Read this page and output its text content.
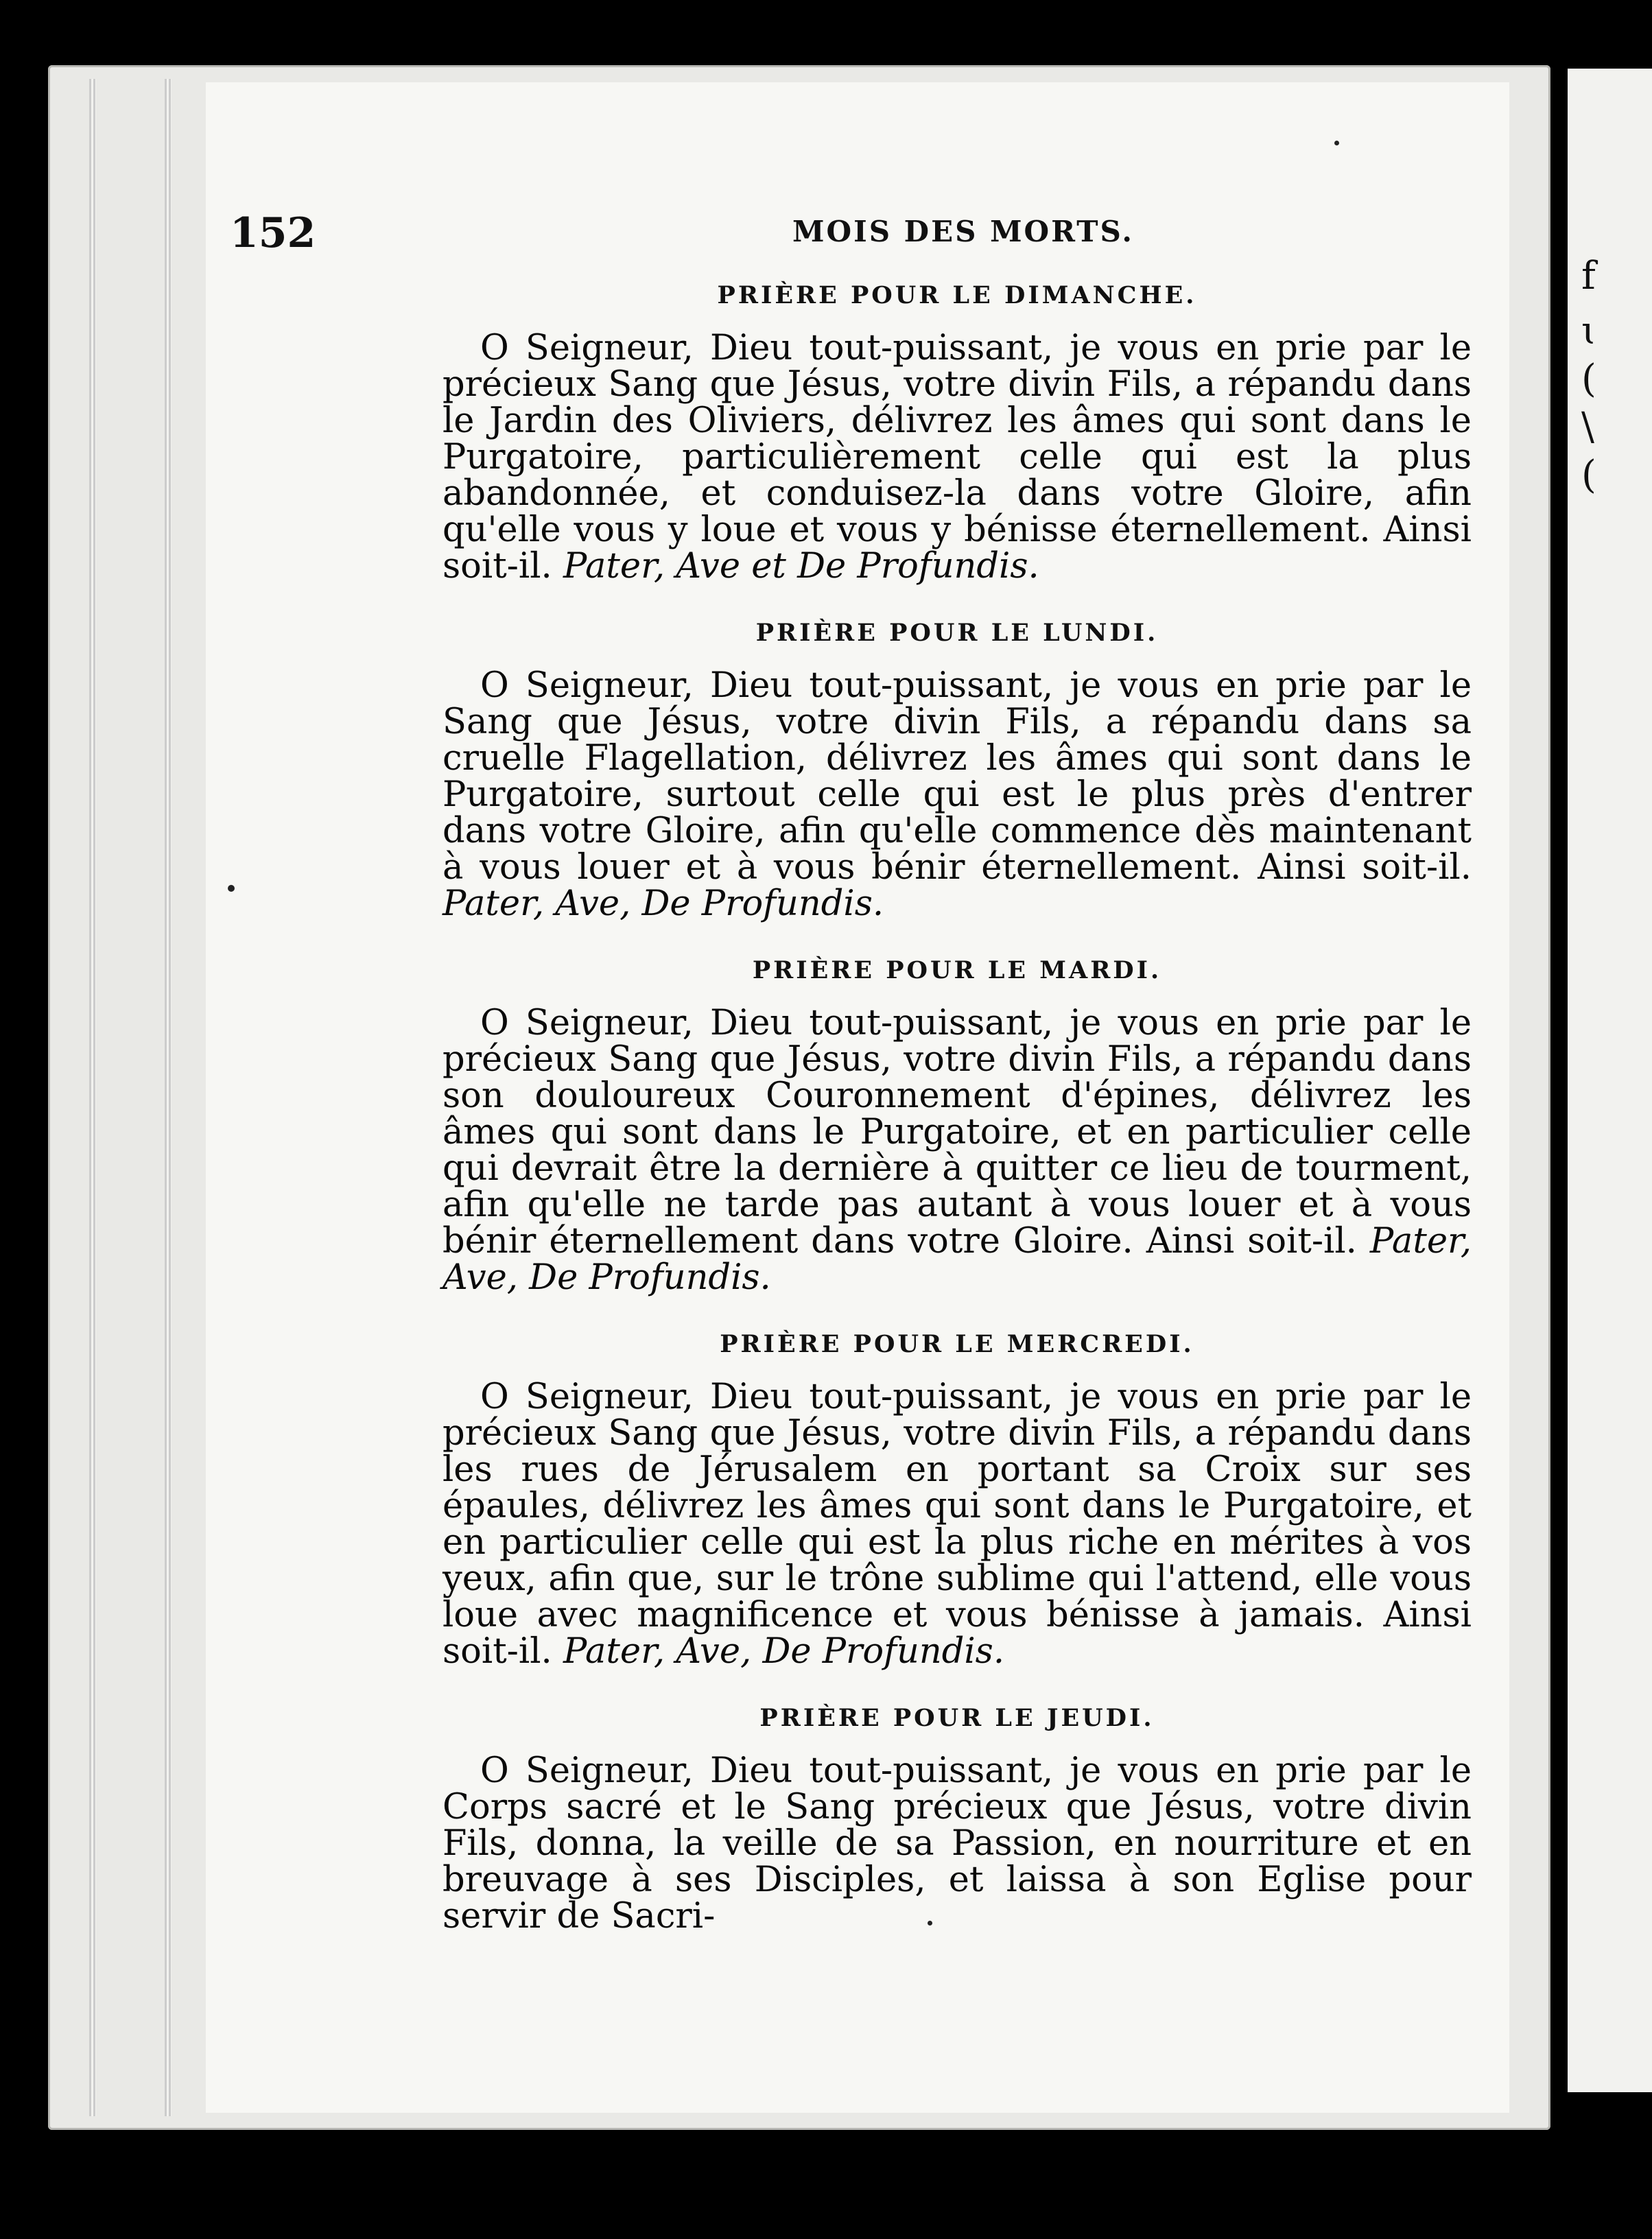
f
ɩ
(
\
(
152	MOIS DES MORTS.
PRIÈRE POUR LE DIMANCHE.

O Seigneur, Dieu tout-puissant, je vous en prie par le précieux Sang que Jésus, votre divin Fils, a répandu dans le Jardin des Oliviers, délivrez les âmes qui sont dans le Purgatoire, particulièrement celle qui est la plus abandonnée, et conduisez-la dans votre Gloire, afin qu'elle vous y loue et vous y bénisse éternellement. Ainsi soit-il. Pater, Ave et De Profundis.

PRIÈRE POUR LE LUNDI.

O Seigneur, Dieu tout-puissant, je vous en prie par le Sang que Jésus, votre divin Fils, a répandu dans sa cruelle Flagellation, délivrez les âmes qui sont dans le Purgatoire, surtout celle qui est le plus près d'entrer dans votre Gloire, afin qu'elle commence dès maintenant à vous louer et à vous bénir éternellement. Ainsi soit-il. Pater, Ave, De Profundis.

PRIÈRE POUR LE MARDI.

O Seigneur, Dieu tout-puissant, je vous en prie par le précieux Sang que Jésus, votre divin Fils, a répandu dans son douloureux Couronnement d'épines, délivrez les âmes qui sont dans le Purgatoire, et en particulier celle qui devrait être la dernière à quitter ce lieu de tourment, afin qu'elle ne tarde pas autant à vous louer et à vous bénir éternellement dans votre Gloire. Ainsi soit-il. Pater, Ave, De Profundis.

PRIÈRE POUR LE MERCREDI.

O Seigneur, Dieu tout-puissant, je vous en prie par le précieux Sang que Jésus, votre divin Fils, a répandu dans les rues de Jérusalem en portant sa Croix sur ses épaules, délivrez les âmes qui sont dans le Purgatoire, et en particulier celle qui est la plus riche en mérites à vos yeux, afin que, sur le trône sublime qui l'attend, elle vous loue avec magnificence et vous bénisse à jamais. Ainsi soit-il. Pater, Ave, De Profundis.

PRIÈRE POUR LE JEUDI.

O Seigneur, Dieu tout-puissant, je vous en prie par le Corps sacré et le Sang précieux que Jésus, votre divin Fils, donna, la veille de sa Passion, en nourriture et en breuvage à ses Disciples, et laissa à son Eglise pour servir de Sacri-
